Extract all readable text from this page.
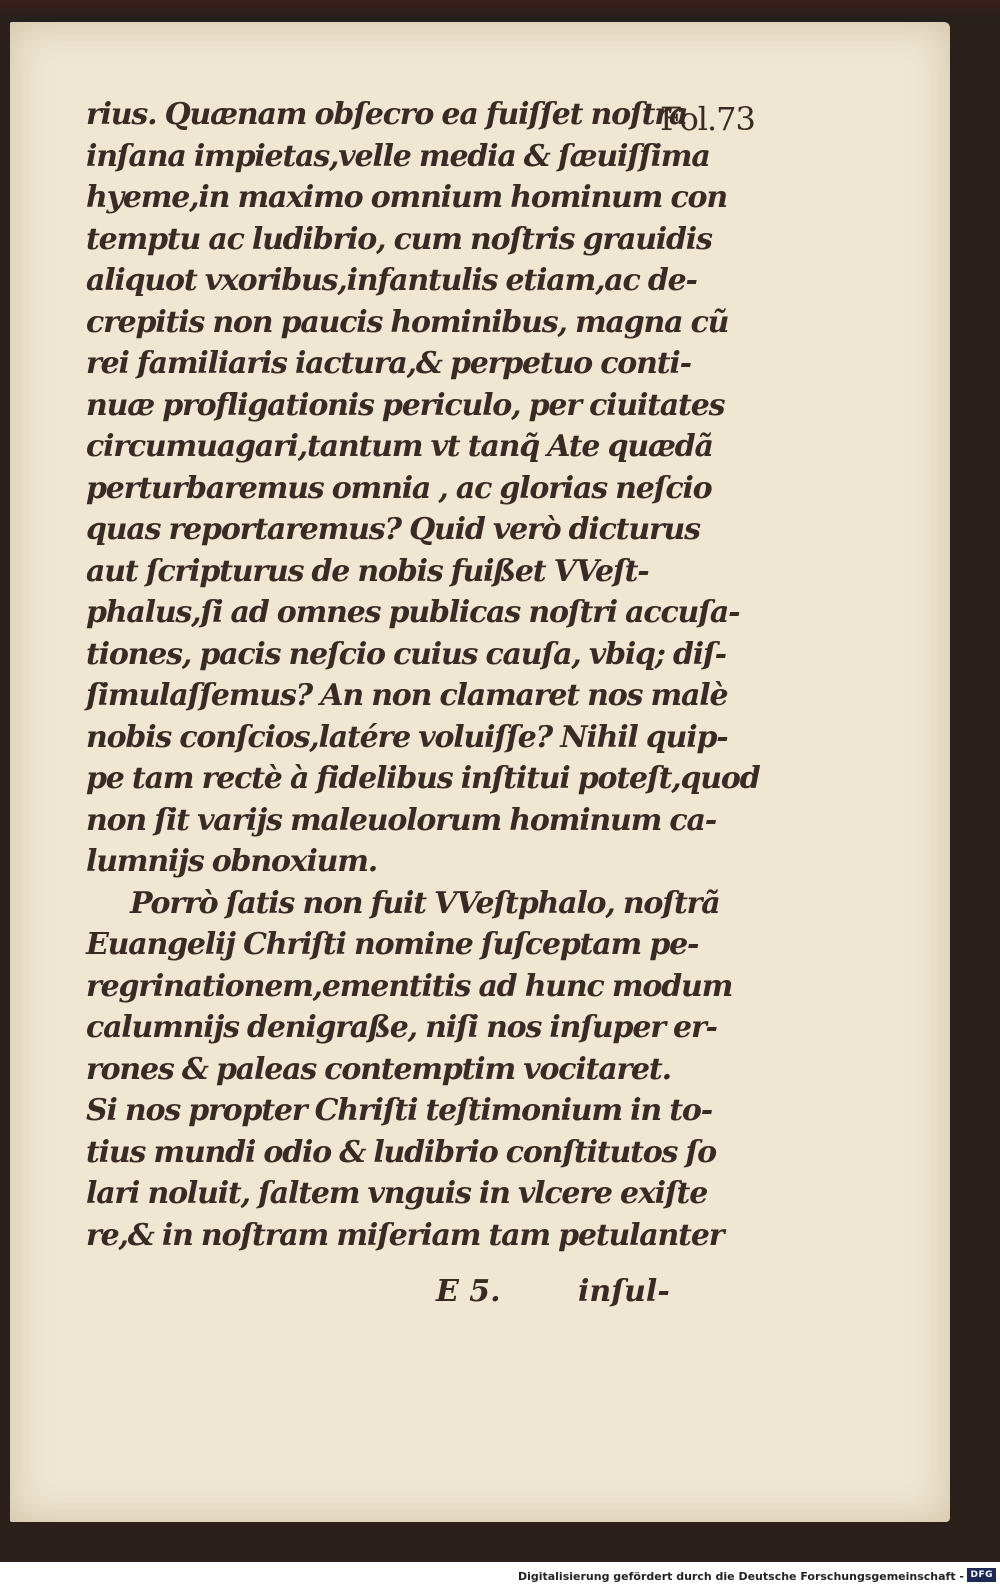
rius. Quænam obſecro ea fuiſſet noſtra
inſana impietas,velle media & ſæuiſſima
hyeme,in maximo omnium hominum con
temptu ac ludibrio, cum noſtris grauidis
aliquot vxoribus,infantulis etiam,ac de-
crepitis non paucis hominibus, magna cũ
rei familiaris iactura,& perpetuo conti-
nuæ profligationis periculo, per ciuitates
circumuagari,tantum vt tanq̃ Ate quædã
perturbaremus omnia , ac glorias neſcio
quas reportaremus? Quid verò dicturus
aut ſcripturus de nobis fuißet VVeſt-
phalus,ſi ad omnes publicas noſtri accuſa-
tiones, pacis neſcio cuius cauſa, vbiq; diſ-
ſimulaſſemus? An non clamaret nos malè
nobis conſcios,latére voluiſſe? Nihil quip-
pe tam rectè à fidelibus inſtitui poteſt,quod
non ſit varijs maleuolorum hominum ca-
lumnijs obnoxium.
Porrò ſatis non fuit VVeſtphalo, noſtrã
Euangelij Chriſti nomine ſuſceptam pe-
regrinationem,ementitis ad hunc modum
calumnijs denigraße, niſi nos inſuper er-
rones & paleas contemptim vocitaret.
Si nos propter Chriſti teſtimonium in to-
tius mundi odio & ludibrio conſtitutos ſo
lari noluit, ſaltem vnguis in vlcere exiſte
re,& in noſtram miſeriam tam petulanter
Fol.73
E 5.	inſul-
Digitalisierung gefördert durch die Deutsche Forschungsgemeinschaft - DFG
